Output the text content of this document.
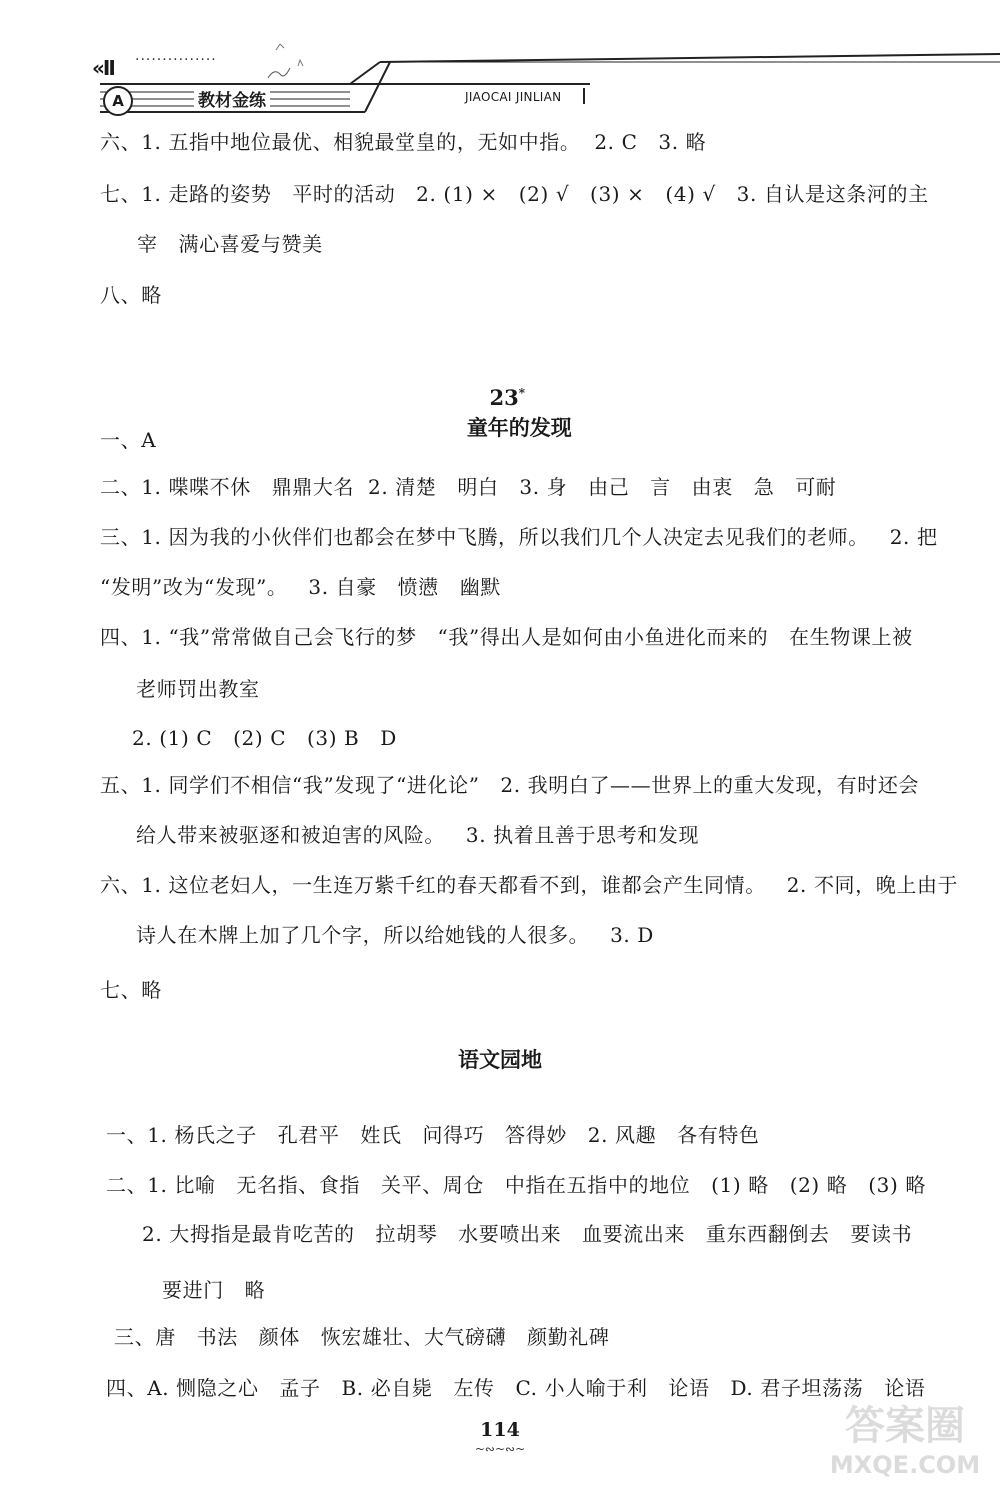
«II ···············
A	教材金练	JIAOCAI JINLIAN
六、1. 五指中地位最优、相貌最堂皇的，无如中指。  2. C   3. 略
七、1. 走路的姿势   平时的活动   2. (1) ×   (2) √   (3) ×   (4) √   3. 自认是这条河的主
宰   满心喜爱与赞美
八、略

23*
童年的发现

一、A
二、1. 喋喋不休   鼎鼎大名  2. 清楚   明白   3. 身   由己   言   由衷   急   可耐
三、1. 因为我的小伙伴们也都会在梦中飞腾，所以我们几个人决定去见我们的老师。   2. 把
“发明”改为“发现”。   3. 自豪   愤懑   幽默
四、1. “我”常常做自己会飞行的梦   “我”得出人是如何由小鱼进化而来的   在生物课上被
老师罚出教室
2. (1) C   (2) C   (3) B   D
五、1. 同学们不相信“我”发现了“进化论”   2. 我明白了——世界上的重大发现，有时还会
给人带来被驱逐和被迫害的风险。   3. 执着且善于思考和发现
六、1. 这位老妇人，一生连万紫千红的春天都看不到，谁都会产生同情。   2. 不同，晚上由于
诗人在木牌上加了几个字，所以给她钱的人很多。   3. D
七、略
语文园地
一、1. 杨氏之子   孔君平   姓氏   问得巧   答得妙   2. 风趣   各有特色
二、1. 比喻   无名指、食指   关平、周仓   中指在五指中的地位   (1) 略   (2) 略   (3) 略
2. 大拇指是最肯吃苦的   拉胡琴   水要喷出来   血要流出来   重东西翻倒去   要读书
要进门   略
三、唐   书法   颜体   恢宏雄壮、大气磅礴   颜勤礼碑
四、A. 恻隐之心   孟子   B. 必自毙   左传   C. 小人喻于利   论语   D. 君子坦荡荡   论语
114
~∾~∾~	答案圈
MXQE.COM
